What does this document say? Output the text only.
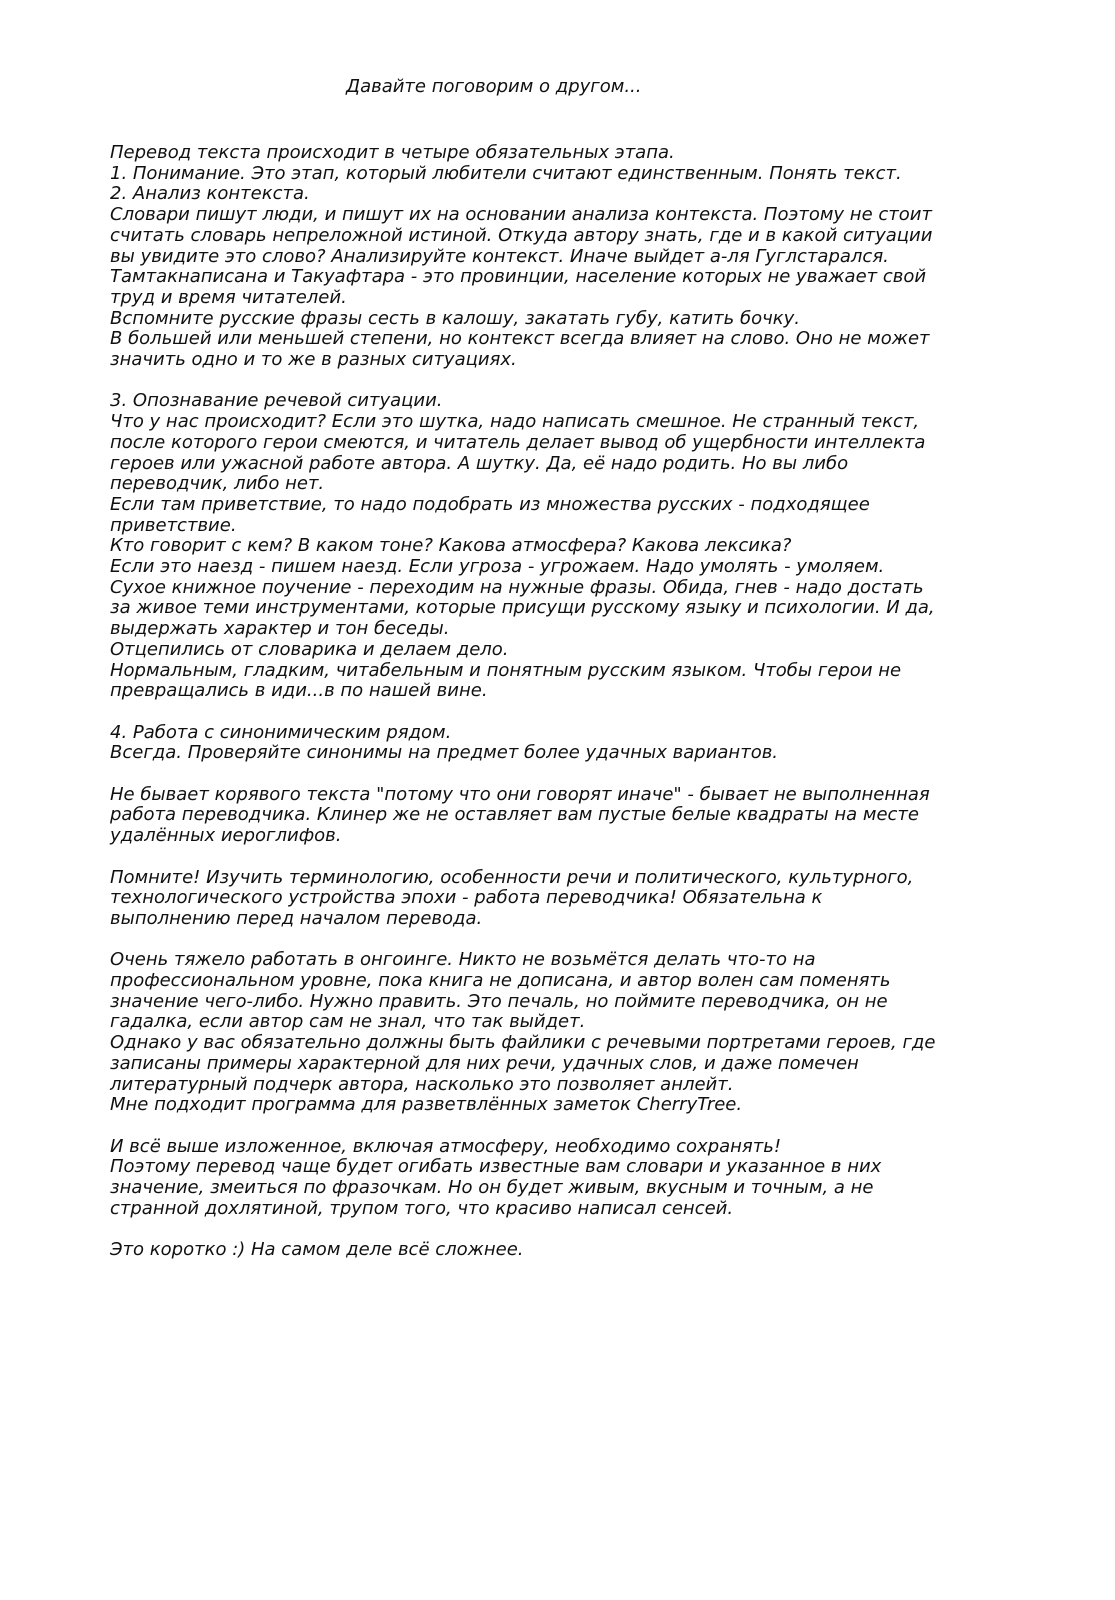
Давайте поговорим о другом...

Перевод текста происходит в четыре обязательных этапа.
1. Понимание. Это этап, который любители считают единственным. Понять текст.
2. Анализ контекста.
Словари пишут люди, и пишут их на основании анализа контекста. Поэтому не стоит
считать словарь непреложной истиной. Откуда автору знать, где и в какой ситуации
вы увидите это слово? Анализируйте контекст. Иначе выйдет а-ля Гуглстарался.
Тамтакнаписана и Такуафтара - это провинции, население которых не уважает свой
труд и время читателей.
Вспомните русские фразы сесть в калошу, закатать губу, катить бочку.
В большей или меньшей степени, но контекст всегда влияет на слово. Оно не может
значить одно и то же в разных ситуациях.

3. Опознавание речевой ситуации.
Что у нас происходит? Если это шутка, надо написать смешное. Не странный текст,
после которого герои смеются, и читатель делает вывод об ущербности интеллекта
героев или ужасной работе автора. А шутку. Да, её надо родить. Но вы либо
переводчик, либо нет.
Если там приветствие, то надо подобрать из множества русских - подходящее
приветствие.
Кто говорит с кем? В каком тоне? Какова атмосфера? Какова лексика?
Если это наезд - пишем наезд. Если угроза - угрожаем. Надо умолять - умоляем.
Сухое книжное поучение - переходим на нужные фразы. Обида, гнев - надо достать
за живое теми инструментами, которые присущи русскому языку и психологии. И да,
выдержать характер и тон беседы.
Отцепились от словарика и делаем дело.
Нормальным, гладким, читабельным и понятным русским языком. Чтобы герои не
превращались в иди...в по нашей вине.

4. Работа с синонимическим рядом.
Всегда. Проверяйте синонимы на предмет более удачных вариантов.

Не бывает корявого текста "потому что они говорят иначе" - бывает не выполненная
работа переводчика. Клинер же не оставляет вам пустые белые квадраты на месте
удалённых иероглифов.

Помните! Изучить терминологию, особенности речи и политического, культурного,
технологического устройства эпохи - работа переводчика! Обязательна к
выполнению перед началом перевода.

Очень тяжело работать в онгоинге. Никто не возьмётся делать что-то на
профессиональном уровне, пока книга не дописана, и автор волен сам поменять
значение чего-либо. Нужно править. Это печаль, но поймите переводчика, он не
гадалка, если автор сам не знал, что так выйдет.
Однако у вас обязательно должны быть файлики с речевыми портретами героев, где
записаны примеры характерной для них речи, удачных слов, и даже помечен
литературный подчерк автора, насколько это позволяет анлейт.
Мне подходит программа для разветвлённых заметок CherryTree.

И всё выше изложенное, включая атмосферу, необходимо сохранять!
Поэтому перевод чаще будет огибать известные вам словари и указанное в них
значение, змеиться по фразочкам. Но он будет живым, вкусным и точным, а не
странной дохлятиной, трупом того, что красиво написал сенсей.

Это коротко :) На самом деле всё сложнее.
